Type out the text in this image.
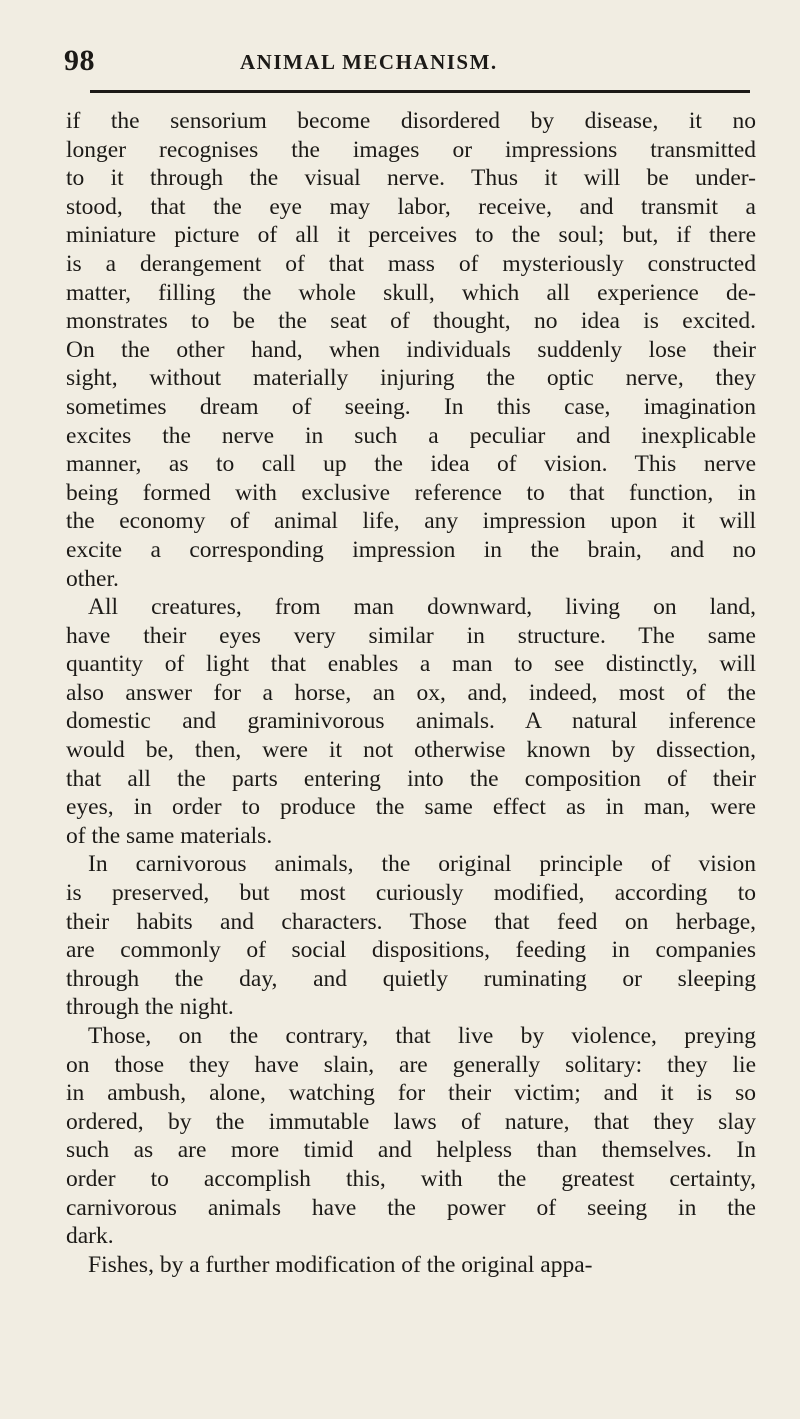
98	ANIMAL MECHANISM.
if the sensorium become disordered by disease, it no
longer recognises the images or impressions transmitted
to it through the visual nerve. Thus it will be under-
stood, that the eye may labor, receive, and transmit a
miniature picture of all it perceives to the soul; but, if there
is a derangement of that mass of mysteriously constructed
matter, filling the whole skull, which all experience de-
monstrates to be the seat of thought, no idea is excited.
On the other hand, when individuals suddenly lose their
sight, without materially injuring the optic nerve, they
sometimes dream of seeing. In this case, imagination
excites the nerve in such a peculiar and inexplicable
manner, as to call up the idea of vision. This nerve
being formed with exclusive reference to that function, in
the economy of animal life, any impression upon it will
excite a corresponding impression in the brain, and no
other.
All creatures, from man downward, living on land,
have their eyes very similar in structure. The same
quantity of light that enables a man to see distinctly, will
also answer for a horse, an ox, and, indeed, most of the
domestic and graminivorous animals. A natural inference
would be, then, were it not otherwise known by dissection,
that all the parts entering into the composition of their
eyes, in order to produce the same effect as in man, were
of the same materials.
In carnivorous animals, the original principle of vision
is preserved, but most curiously modified, according to
their habits and characters. Those that feed on herbage,
are commonly of social dispositions, feeding in companies
through the day, and quietly ruminating or sleeping
through the night.
Those, on the contrary, that live by violence, preying
on those they have slain, are generally solitary: they lie
in ambush, alone, watching for their victim; and it is so
ordered, by the immutable laws of nature, that they slay
such as are more timid and helpless than themselves. In
order to accomplish this, with the greatest certainty,
carnivorous animals have the power of seeing in the
dark.
Fishes, by a further modification of the original appa-
